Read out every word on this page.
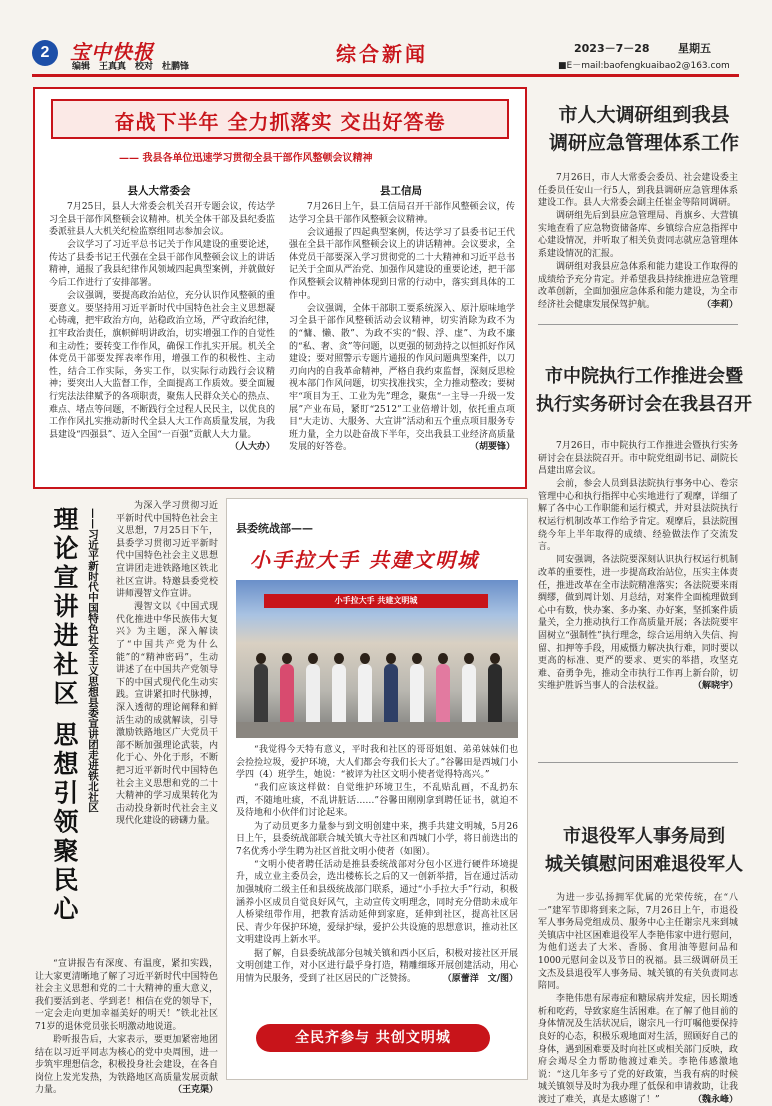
2	宝中快报
编辑　王真真　校对　杜鹏锋
综合新闻	2023－7－28	星期五
■E－mail:baofengkuaibao2@163.com
奋战下半年 全力抓落实 交出好答卷
—— 我县各单位迅速学习贯彻全县干部作风整顿会议精神
县人大常委会

7月25日，县人大常委会机关召开专题会议，传达学习全县干部作风整顿会议精神。机关全体干部及县纪委监委派驻县人大机关纪检监察组同志参加会议。

会议学习了习近平总书记关于作风建设的重要论述，传达了县委书记王代强在全县干部作风整顿会议上的讲话精神，通报了我县纪律作风领域四起典型案例，并就做好今后工作进行了安排部署。

会议强调，要提高政治站位，充分认识作风整顿的重要意义。要坚持用习近平新时代中国特色社会主义思想凝心铸魂，把牢政治方向，站稳政治立场，严守政治纪律，扛牢政治责任，旗帜鲜明讲政治，切实增强工作的自觉性和主动性；要转变工作作风，确保工作扎实开展。机关全体党员干部要发挥表率作用，增强工作的积极性、主动性，结合工作实际，务实工作，以实际行动践行会议精神；要突出人大监督工作，全面提高工作质效。要全面履行宪法法律赋予的各项职责，聚焦人民群众关心的热点、难点、堵点等问题，不断践行全过程人民民主，以优良的工作作风扎实推动新时代全县人大工作高质量发展，为我县建设“四强县”、迈入全国“一百强”贡献人大力量。
（人大办）

县工信局

7月26日上午，县工信局召开干部作风整顿会议，传达学习全县干部作风整顿会议精神。

会议通报了四起典型案例，传达学习了县委书记王代强在全县干部作风整顿会议上的讲话精神。会议要求，全体党员干部要深入学习贯彻党的二十大精神和习近平总书记关于全面从严治党、加强作风建设的重要论述，把干部作风整顿会议精神体现到日常的行动中，落实到具体的工作中。

会议强调，全体干部职工要系统深入、原汁原味地学习全县干部作风整顿活动会议精神，切实消除为政不为的“慵、懒、散”、为政不实的“假、浮、虚”、为政不廉的“私、奢、贪”等问题，以更强的韧劲持之以恒抓好作风建设；要对照警示专题片通报的作风问题典型案件，以刀刃向内的自我革命精神，严格自我约束监督，深刻反思检视本部门作风问题，切实找准找实，全力推动整改；要树牢“项目为王、工业为先”理念，聚焦“一主导一升级一发展”产业布局，紧盯“2512”工业倍增计划，依托重点项目“大走访、大服务、大宣讲”活动和五个重点项目服务专班力量，全力以赴奋战下半年，交出我县工业经济高质量发展的好答卷。	（胡要锋）

理论宣讲进社区 思想引领聚民心 ——习近平新时代中国特色社会主义思想县委宣讲团走进铁北社区

为深入学习贯彻习近平新时代中国特色社会主义思想，7月25日下午，县委学习贯彻习近平新时代中国特色社会主义思想宣讲团走进铁路地区铁北社区宣讲。特邀县委党校讲师漫智文作宣讲。

漫智文以《中国式现代化推进中华民族伟大复兴》为主题，深入解读了“中国共产党为什么能”的“精神密码”，生动讲述了在中国共产党领导下的中国式现代化生动实践。宣讲紧扣时代脉搏，深入透彻的理论阐释和鲜活生动的成就解读，引导激励铁路地区广大党员干部不断加强理论武装，内化于心、外化于形，不断把习近平新时代中国特色社会主义思想和党的二十大精神的学习成果转化为击动投身新时代社会主义现代化建设的磅礴力量。

“宣讲报告有深度、有温度，紧扣实践，让大家更清晰地了解了习近平新时代中国特色社会主义思想和党的二十大精神的重大意义，我们要活到老、学到老！相信在党的领导下，一定会走向更加幸福美好的明天！”铁北社区71岁的退休党员张长明激动地说道。

聆听报告后，大家表示，要更加紧密地团结在以习近平同志为核心的党中央周围，进一步筑牢理想信念，积极投身社会建设，在各自岗位上发光发热，为铁路地区高质量发展贡献力量。	（王克渠）

县委统战部——
小手拉大手 共建文明城
小手拉大手 共建文明城

“我觉得今天特有意义，平时我和社区的哥哥姐姐、弟弟妹妹们也会捡捡垃圾，爱护环境，大人们都会夸我们长大了。”谷馨田是西城门小学四（4）班学生，她说：“被评为社区文明小使者觉得特高兴。”

“我们应该这样做：自觉维护环境卫生，不乱贴乱画，不乱扔东西，不随地吐痰，不乱讲脏话……”谷馨田刚刚拿到聘任证书，就迫不及待地和小伙伴们讨论起来。

为了动员更多力量参与到文明创建中来，携手共建文明城，5月26日上午，县委统战部联合城关镇大寺社区和西城门小学，将日前选出的7名优秀小学生聘为社区首批文明小使者（如图）。

“文明小使者聘任活动是推县委统战部对分包小区进行硬件环境提升，成立业主委员会，选出楼栋长之后的又一创新举措，旨在通过活动加强城府二级主任和县级统战部门联系，通过“小手拉大手”行动，积极涵养小区成员自觉良好风气，主动宣传文明理念，同时充分借助未成年人桥梁纽带作用，把教育活动延伸到家庭，延伸到社区，提高社区居民、青少年保护环境，爱绿护绿，爱护公共设施的思想意识，推动社区文明建设再上新水平。

据了解，自县委统战部分包城关镇和西小区后，积极对接社区开展文明创建工作，对小区进行最乎身打造，精雕细琢开展创建活动，用心用情为民服务，受到了社区居民的广泛赞扬。	（原蕾洋　文/图）

全民齐参与 共创文明城
市人大调研组到我县
调研应急管理体系工作

7月26日，市人大常委会委员、社会建设委主任委员任安山一行5人，到我县调研应急管理体系建设工作。县人大常委会副主任崔金等陪同调研。

调研组先后到县应急管理局、肖旗乡、大营镇实地查看了应急物资储备库、乡镇综合应急指挥中心建设情况，并听取了相关负责同志就应急管理体系建设情况的汇报。

调研组对我县应急体系和能力建设工作取得的成绩给予充分肯定。并希望我县持续推进应急管理改革创新，全面加强应急体系和能力建设，为全市经济社会健康发展保驾护航。	（李莉）

市中院执行工作推进会暨
执行实务研讨会在我县召开

7月26日，市中院执行工作推进会暨执行实务研讨会在县法院召开。市中院党组副书记、副院长昌建出席会议。

会前，参会人员到县法院执行事务中心、卷宗管理中心和执行指挥中心实地进行了观摩，详细了解了各中心工作职能和运行模式，并对县法院执行权运行机制改革工作给予肯定。观摩后，县法院围绕今年上半年取得的成绩、经验做法作了交流发言。

同安强调，各法院要深刻认识执行权运行机制改革的重要性，进一步提高政治站位，压实主体责任，推进改革在全市法院精准落实；各法院要来雨绸缪，做到周计划、月总结，对案件全面梳理做到心中有数，快办案、多办案、办好案，坚抓案件质量关，全力推动执行工作高质量开展；各法院要牢固树立“强制性”执行理念，综合运用纳入失信、拘留、扣押等手段，用威慑力解决执行难，同时要以更高的标准、更严的要求、更实的举措，攻坚克难、奋勇争先，推动全市执行工作再上新台阶，切实维护胜诉当事人的合法权益。	（解晓宇）

市退役军人事务局到
城关镇慰问困难退役军人

为进一步弘扬拥军优属的光荣传统，在“八一”建军节即将到来之际，7月26日上午，市退役军人事务局党组成员、服务中心主任谢宗凡来到城关镇店中社区困难退役军人李艳伟家中进行慰问，为他们送去了大米、香肠、食用油等慰问品和1000元慰问金以及节日的祝福。县三级调研员王文杰及县退役军人事务局、城关镇的有关负责同志陪同。

李艳伟患有尿毒症和糖尿病并发症，因长期透析和吃药，导致家庭生活困难。在了解了他目前的身体情况及生活状况后，谢宗凡一行叮嘱他要保持良好的心态，积极乐观地面对生活，照顾好自己的身体，遇到困难要及时向社区或相关部门反映，政府会竭尽全力帮助他渡过难关。李艳伟感激地说：“这几年多亏了党的好政策，当我有病的时候城关镇领导及时为我办理了低保和申请救助，让我渡过了难关，真是太感谢了！”	（魏永峰）
